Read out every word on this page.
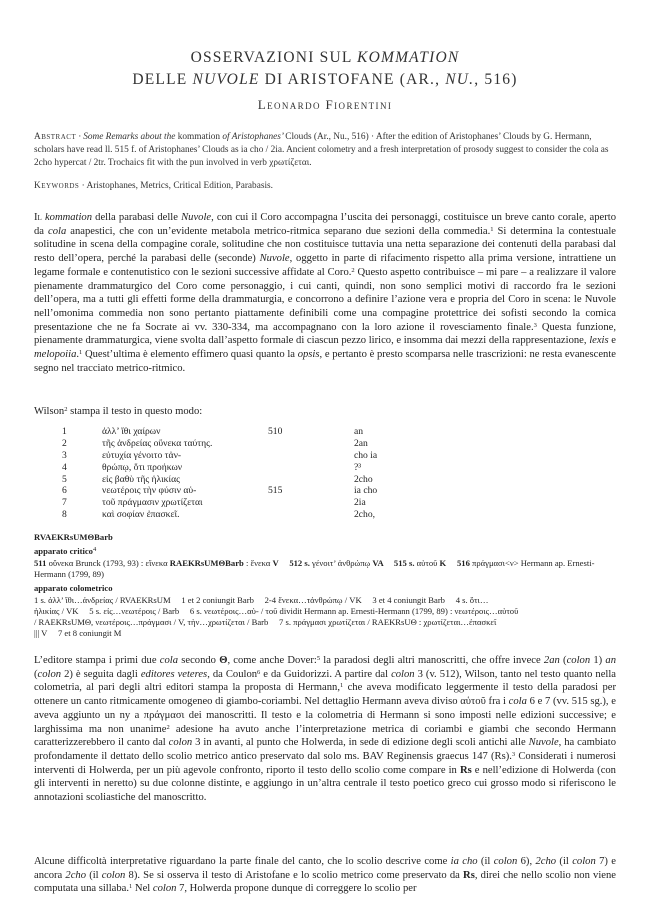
OSSERVAZIONI SUL KOMMATION
DELLE NUVOLE DI ARISTOFANE (AR., NU., 516)
Leonardo Fiorentini
Abstract · Some Remarks about the kommation of Aristophanes’ Clouds (Ar., Nu., 516) · After the edition of Aristophanes’ Clouds by G. Hermann, scholars have read ll. 515 f. of Aristophanes’ Clouds as ia cho / 2ia. Ancient colometry and a fresh interpretation of prosody suggest to consider the cola as 2cho hypercat / 2tr. Trochaics fit with the pun involved in verb χρωτίζεται.
Keywords · Aristophanes, Metrics, Critical Edition, Parabasis.
Il kommation della parabasi delle Nuvole, con cui il Coro accompagna l’uscita dei personaggi, costituisce un breve canto corale, aperto da cola anapestici, che con un’evidente metabola metrico-ritmica separano due sezioni della commedia.$^1$ Si determina la contestuale solitudine in scena della compagine corale, solitudine che non costituisce tuttavia una netta separazione dei contenuti della parabasi dal resto dell’opera, perché la parabasi delle (seconde) Nuvole, oggetto in parte di rifacimento rispetto alla prima versione, intrattiene un legame formale e contenutistico con le sezioni successive affidate al Coro.$^2$ Questo aspetto contribuisce – mi pare – a realizzare il valore pienamente drammaturgico del Coro come personaggio, i cui canti, quindi, non sono semplici motivi di raccordo fra le sezioni dell’opera, ma a tutti gli effetti forme della drammaturgia, e concorrono a definire l’azione vera e propria del Coro in scena: le Nuvole nell’omonima commedia non sono pertanto piattamente definibili come una compagine protettrice dei sofisti secondo la comica presentazione che ne fa Socrate ai vv. 330-334, ma accompagnano con la loro azione il rovesciamento finale.$^3$ Questa funzione, pienamente drammaturgica, viene svolta dall’aspetto formale di ciascun pezzo lirico, e insomma dai mezzi della rappresentazione, lexis e melopoiia.$^1$ Quest’ultima è elemento effimero quasi quanto la opsis, e pertanto è presto scomparsa nelle trascrizioni: ne resta evanescente segno nel tracciato metrico-ritmico.
Wilson$^2$ stampa il testo in questo modo:
1	ἀλλ’ ἴθι χαίρων	510	an
2	τῆς ἀνδρείας οὕνεκα ταύτης.	2an
3	εὐτυχία γένοιτο τἀν-	cho ia
4	θρώπῳ, ὅτι προήκων	?³
5	εἰς βαθὺ τῆς ἡλικίας	2cho
6	νεωτέροις τὴν φύσιν αὑ-	515	ia cho
7	τοῦ πράγμασιν χρωτίζεται	2ia
8	καὶ σοφίαν ἐπασκεῖ.	2cho,
RVAEKRsUMΘBarb
apparato critico$^4$
511 οὕνεκα Brunck (1793, 93) : εἵνεκα RAEKRsUMΘBarb : ἕνεκα V     512 s. γένοιτ’ ἀνθρώπῳ VA     515 s. αὑτοῦ K     516 πράγμασι<ν> Hermann ap. Ernesti-Hermann (1799, 89)
apparato colometrico
1 s. ἀλλ’ ἴθι…ἀνδρείας / RVAEKRsUM     1 et 2 coniungit Barb     2-4 ἕνεκα…τἀνθρώπῳ / VK     3 et 4 coniungit Barb     4 s. ὅτι…
ἡλικίας / VK     5 s. εἰς…νεωτέροις / Barb     6 s. νεωτέροις…αὑ- / τοῦ dividit Hermann ap. Ernesti-Hermann (1799, 89) : νεωτέροις…αὑτοῦ
/ RAEKRsUMΘ, νεωτέροις…πράγμασι / V, τὴν…χρωτίζεται / Barb     7 s. πράγμασι χρωτίζεται / RAEKRsUΘ : χρωτίζεται…ἐπασκεῖ
||| V     7 et 8 coniungit M
L’editore stampa i primi due cola secondo Θ, come anche Dover:$^5$ la paradosi degli altri manoscritti, che offre invece 2an (colon 1) an (colon 2) è seguita dagli editores veteres, da Coulon$^6$ e da Guidorizzi. A partire dal colon 3 (v. 512), Wilson, tanto nel testo quanto nella colometria, al pari degli altri editori stampa la proposta di Hermann,$^1$ che aveva modificato leggermente il testo della paradosi per ottenere un canto ritmicamente omogeneo di giambo-coriambi. Nel dettaglio Hermann aveva diviso αὑτοῦ fra i cola 6 e 7 (vv. 515 sg.), e aveva aggiunto un ny a πράγμασι dei manoscritti. Il testo e la colometria di Hermann si sono imposti nelle edizioni successive; e larghissima ma non unanime$^2$ adesione ha avuto anche l’interpretazione metrica di coriambi e giambi che secondo Hermann caratterizzerebbero il canto dal colon 3 in avanti, al punto che Holwerda, in sede di edizione degli scoli antichi alle Nuvole, ha cambiato profondamente il dettato dello scolio metrico antico preservato dal solo ms. BAV Reginensis graecus 147 (Rs).$^3$ Considerati i numerosi interventi di Holwerda, per un più agevole confronto, riporto il testo dello scolio come compare in Rs e nell’edizione di Holwerda (con gli interventi in neretto) su due colonne distinte, e aggiungo in un’altra centrale il testo poetico greco cui grosso modo si riferiscono le annotazioni scoliastiche del manoscritto.
Alcune difficoltà interpretative riguardano la parte finale del canto, che lo scolio descrive come ia cho (il colon 6), 2cho (il colon 7) e ancora 2cho (il colon 8). Se si osserva il testo di Aristofane e lo scolio metrico come preservato da Rs, direi che nello scolio non viene computata una sillaba.$^1$ Nel colon 7, Holwerda propone dunque di correggere lo scolio per
